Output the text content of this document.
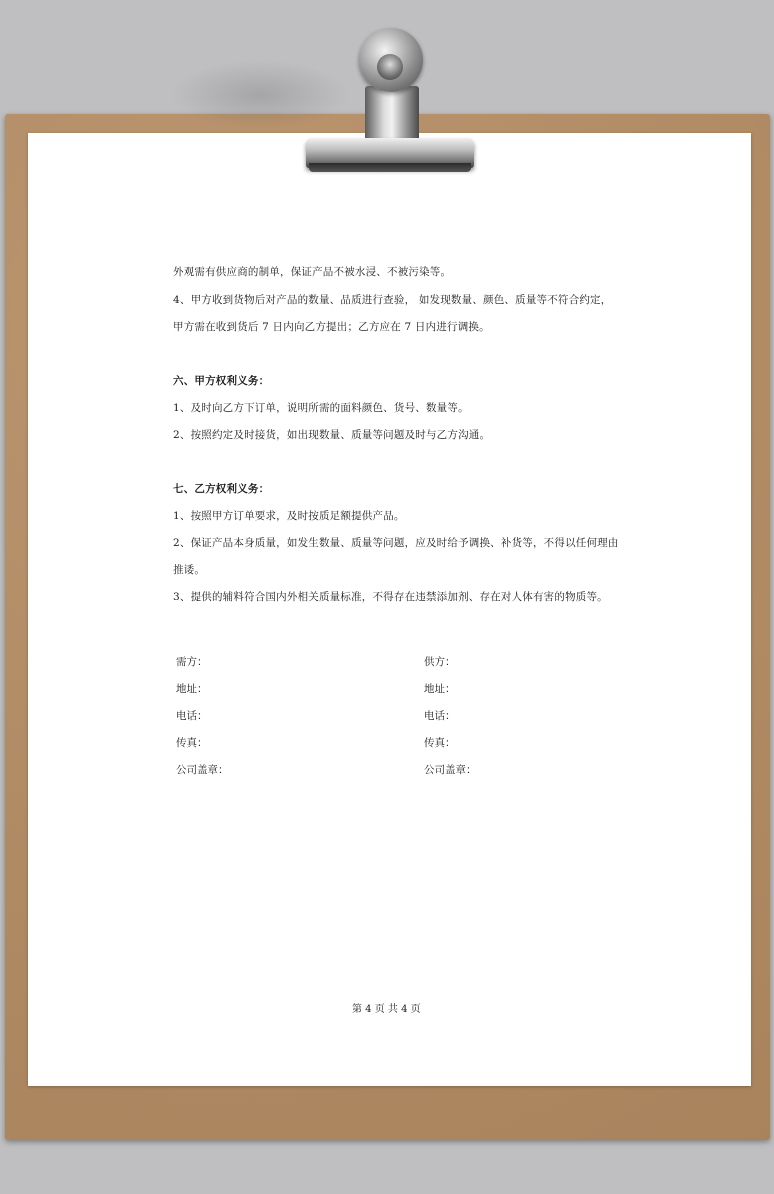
外观需有供应商的制单，保证产品不被水浸、不被污染等。
4、甲方收到货物后对产品的数量、品质进行查验， 如发现数量、颜色、质量等不符合约定，
甲方需在收到货后 7 日内向乙方提出；乙方应在 7 日内进行调换。
六、甲方权利义务：
1、及时向乙方下订单，说明所需的面料颜色、货号、数量等。
2、按照约定及时接货，如出现数量、质量等问题及时与乙方沟通。
七、乙方权利义务：
1、按照甲方订单要求，及时按质足额提供产品。
2、保证产品本身质量，如发生数量、质量等问题，应及时给予调换、补货等，不得以任何理由
推诿。
3、提供的辅料符合国内外相关质量标准，不得存在违禁添加剂、存在对人体有害的物质等。
需方：
地址：
电话：
传真：
公司盖章：
供方：
地址：
电话：
传真：
公司盖章：
第 4 页 共 4 页
